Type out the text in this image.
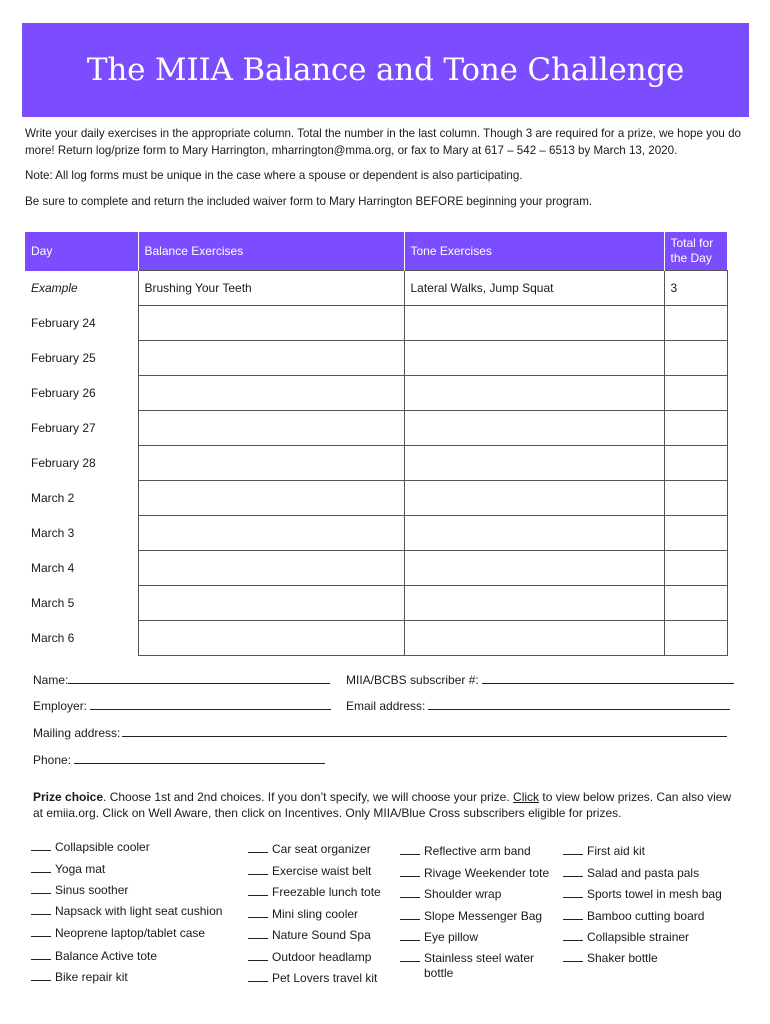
The MIIA Balance and Tone Challenge

Write your daily exercises in the appropriate column. Total the number in the last column. Though 3 are required for a prize, we hope you do more! Return log/prize form to Mary Harrington, mharrington@mma.org, or fax to Mary at 617 – 542 – 6513 by March 13, 2020.

Note: All log forms must be unique in the case where a spouse or dependent is also participating.

Be sure to complete and return the included waiver form to Mary Harrington BEFORE beginning your program.

Day	Balance Exercises	Tone Exercises	Total for the Day
Example	Brushing Your Teeth	Lateral Walks, Jump Squat	3
February 24			
February 25			
February 26			
February 27			
February 28			
March 2			
March 3			
March 4			
March 5			
March 6			
Name:	MIIA/BCBS subscriber #:
Employer:	Email address:
Mailing address:
Phone:
Prize choice. Choose 1st and 2nd choices. If you don’t specify, we will choose your prize. Click to view below prizes. Can also view at emiia.org. Click on Well Aware, then click on Incentives. Only MIIA/Blue Cross subscribers eligible for prizes.
Collapsible cooler
Yoga mat
Sinus soother
Napsack with light seat cushion
Neoprene laptop/tablet case
Balance Active tote
Bike repair kit
Car seat organizer
Exercise waist belt
Freezable lunch tote
Mini sling cooler
Nature Sound Spa
Outdoor headlamp
Pet Lovers travel kit
Reflective arm band
Rivage Weekender tote
Shoulder wrap
Slope Messenger Bag
Eye pillow
Stainless steel water
bottle
First aid kit
Salad and pasta pals
Sports towel in mesh bag
Bamboo cutting board
Collapsible strainer
Shaker bottle
